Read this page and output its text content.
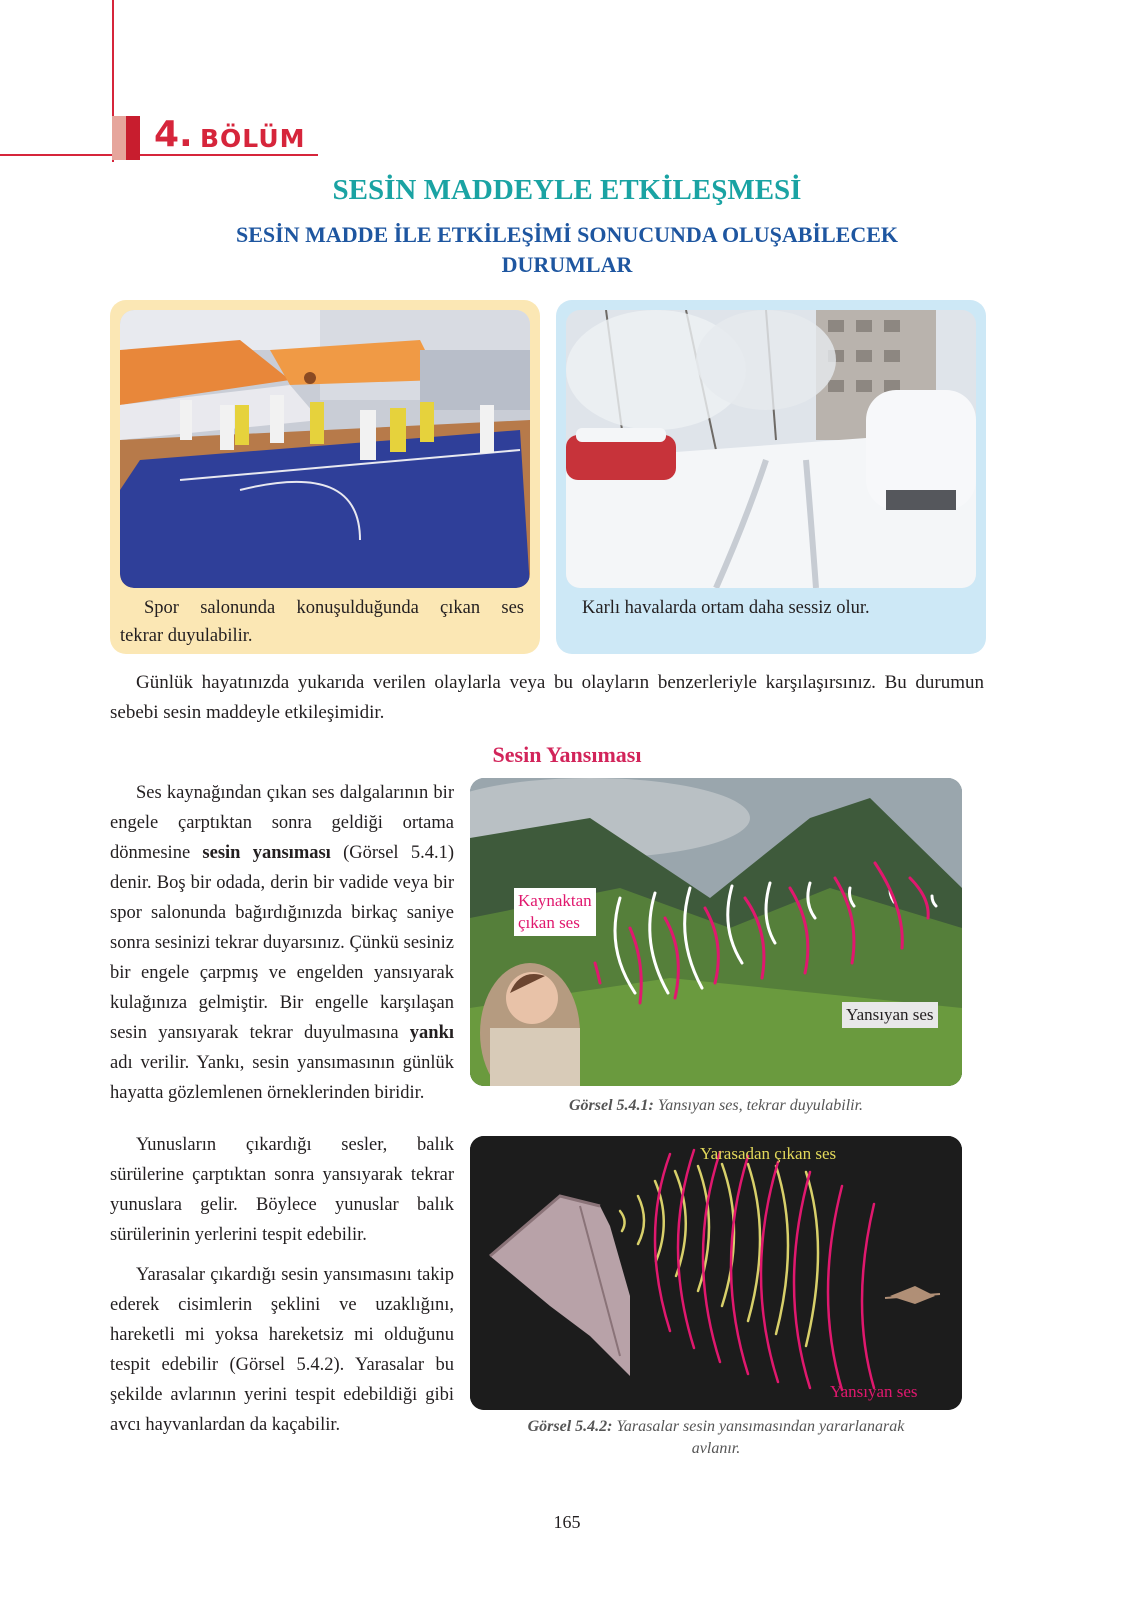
4. BÖLÜM
SESİN MADDEYLE ETKİLEŞMESİ
SESİN MADDE İLE ETKİLEŞİMİ SONUCUNDA OLUŞABİLECEK
DURUMLAR
Spor salonunda konuşulduğunda çıkan ses
tekrar duyulabilir.
Karlı havalarda ortam daha sessiz olur.
Günlük hayatınızda yukarıda verilen olaylarla veya bu olayların benzerleriyle karşılaşırsınız. Bu durumun sebebi sesin maddeyle etkileşimidir.
Sesin Yansıması
Ses kaynağından çıkan ses dalgalarının bir engele çarptıktan sonra geldiği ortama dönmesine sesin yansıması (Görsel 5.4.1) denir. Boş bir odada, derin bir vadide veya bir spor salonunda bağırdığınızda birkaç saniye sonra sesinizi tekrar duyarsınız. Çünkü sesiniz bir engele çarpmış ve engelden yansıyarak kulağınıza gelmiştir. Bir engelle karşılaşan sesin yansıyarak tekrar duyulmasına yankı adı verilir. Yankı, sesin yansımasının günlük hayatta gözlemlenen örneklerinden biridir.
Yunusların çıkardığı sesler, balık sürülerine çarptıktan sonra yansıyarak tekrar yunuslara gelir. Böylece yunuslar balık sürülerinin yerlerini tespit edebilir.
Yarasalar çıkardığı sesin yansımasını takip ederek cisimlerin şeklini ve uzaklığını, hareketli mi yoksa hareketsiz mi olduğunu tespit edebilir (Görsel 5.4.2). Yarasalar bu şekilde avlarının yerini tespit edebildiği gibi avcı hayvanlardan da kaçabilir.
Kaynaktan
çıkan ses
Yansıyan ses
Görsel 5.4.1: Yansıyan ses, tekrar duyulabilir.
Yarasadan çıkan ses
Yansıyan ses
Görsel 5.4.2: Yarasalar sesin yansımasından yararlanarak
avlanır.
165
